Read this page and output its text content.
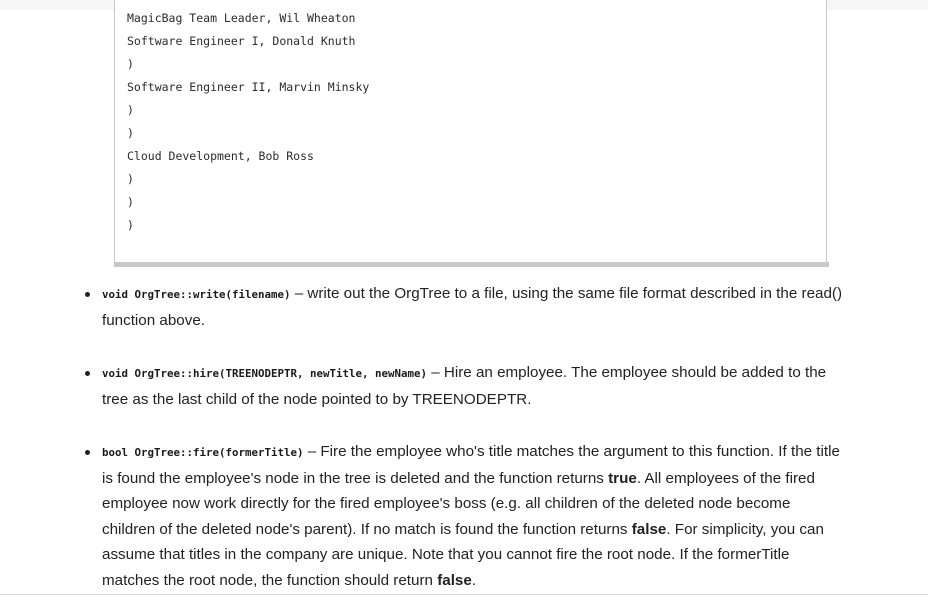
MagicBag Team Leader, Wil Wheaton
Software Engineer I, Donald Knuth
)
Software Engineer II, Marvin Minsky
)
)
Cloud Development, Bob Ross
)
)
)
void OrgTree::write(filename) – write out the OrgTree to a file, using the same file format described in the read() function above.
void OrgTree::hire(TREENODEPTR, newTitle, newName) – Hire an employee. The employee should be added to the tree as the last child of the node pointed to by TREENODEPTR.
bool OrgTree::fire(formerTitle) – Fire the employee who's title matches the argument to this function. If the title is found the employee's node in the tree is deleted and the function returns true. All employees of the fired employee now work directly for the fired employee's boss (e.g. all children of the deleted node become children of the deleted node's parent). If no match is found the function returns false. For simplicity, you can assume that titles in the company are unique. Note that you cannot fire the root node. If the formerTitle matches the root node, the function should return false.
